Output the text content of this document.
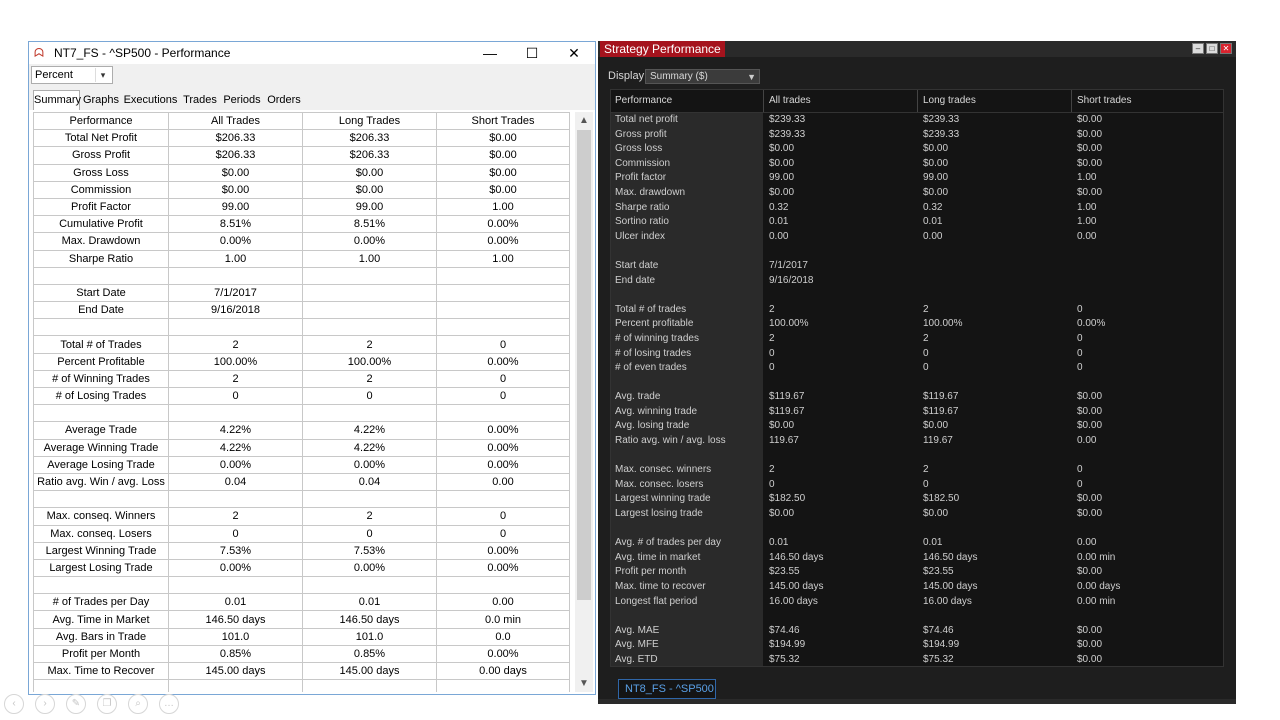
ᗣ NT7_FS - ^SP500 - Performance	—	☐	✕
Percent	▾
Summary Graphs Executions Trades Periods Orders
Performance	All Trades	Long Trades	Short Trades
Total Net Profit	$206.33	$206.33	$0.00
Gross Profit	$206.33	$206.33	$0.00
Gross Loss	$0.00	$0.00	$0.00
Commission	$0.00	$0.00	$0.00
Profit Factor	99.00	99.00	1.00
Cumulative Profit	8.51%	8.51%	0.00%
Max. Drawdown	0.00%	0.00%	0.00%
Sharpe Ratio	1.00	1.00	1.00

Start Date	7/1/2017		
End Date	9/16/2018		

Total # of Trades	2	2	0
Percent Profitable	100.00%	100.00%	0.00%
# of Winning Trades	2	2	0
# of Losing Trades	0	0	0

Average Trade	4.22%	4.22%	0.00%
Average Winning Trade	4.22%	4.22%	0.00%
Average Losing Trade	0.00%	0.00%	0.00%
Ratio avg. Win / avg. Loss	0.04	0.04	0.00

Max. conseq. Winners	2	2	0
Max. conseq. Losers	0	0	0
Largest Winning Trade	7.53%	7.53%	0.00%
Largest Losing Trade	0.00%	0.00%	0.00%

# of Trades per Day	0.01	0.01	0.00
Avg. Time in Market	146.50 days	146.50 days	0.0 min
Avg. Bars in Trade	101.0	101.0	0.0
Profit per Month	0.85%	0.85%	0.00%
Max. Time to Recover	145.00 days	145.00 days	0.00 days

▲
▼
Strategy Performance	–	□	✕
Display Summary ($)	▼
Performance	All trades	Long trades	Short trades
Total net profit	$239.33	$239.33	$0.00
Gross profit	$239.33	$239.33	$0.00
Gross loss	$0.00	$0.00	$0.00
Commission	$0.00	$0.00	$0.00
Profit factor	99.00	99.00	1.00
Max. drawdown	$0.00	$0.00	$0.00
Sharpe ratio	0.32	0.32	1.00
Sortino ratio	0.01	0.01	1.00
Ulcer index	0.00	0.00	0.00
Start date	7/1/2017
End date	9/16/2018
Total # of trades	2	2	0
Percent profitable	100.00%	100.00%	0.00%
# of winning trades	2	2	0
# of losing trades	0	0	0
# of even trades	0	0	0
Avg. trade	$119.67	$119.67	$0.00
Avg. winning trade	$119.67	$119.67	$0.00
Avg. losing trade	$0.00	$0.00	$0.00
Ratio avg. win / avg. loss	119.67	119.67	0.00
Max. consec. winners	2	2	0
Max. consec. losers	0	0	0
Largest winning trade	$182.50	$182.50	$0.00
Largest losing trade	$0.00	$0.00	$0.00
Avg. # of trades per day	0.01	0.01	0.00
Avg. time in market	146.50 days	146.50 days	0.00 min
Profit per month	$23.55	$23.55	$0.00
Max. time to recover	145.00 days	145.00 days	0.00 days
Longest flat period	16.00 days	16.00 days	0.00 min
Avg. MAE	$74.46	$74.46	$0.00
Avg. MFE	$194.99	$194.99	$0.00
Avg. ETD	$75.32	$75.32	$0.00
NT8_FS - ^SP500
‹	›	✎	❐	⌕	…
